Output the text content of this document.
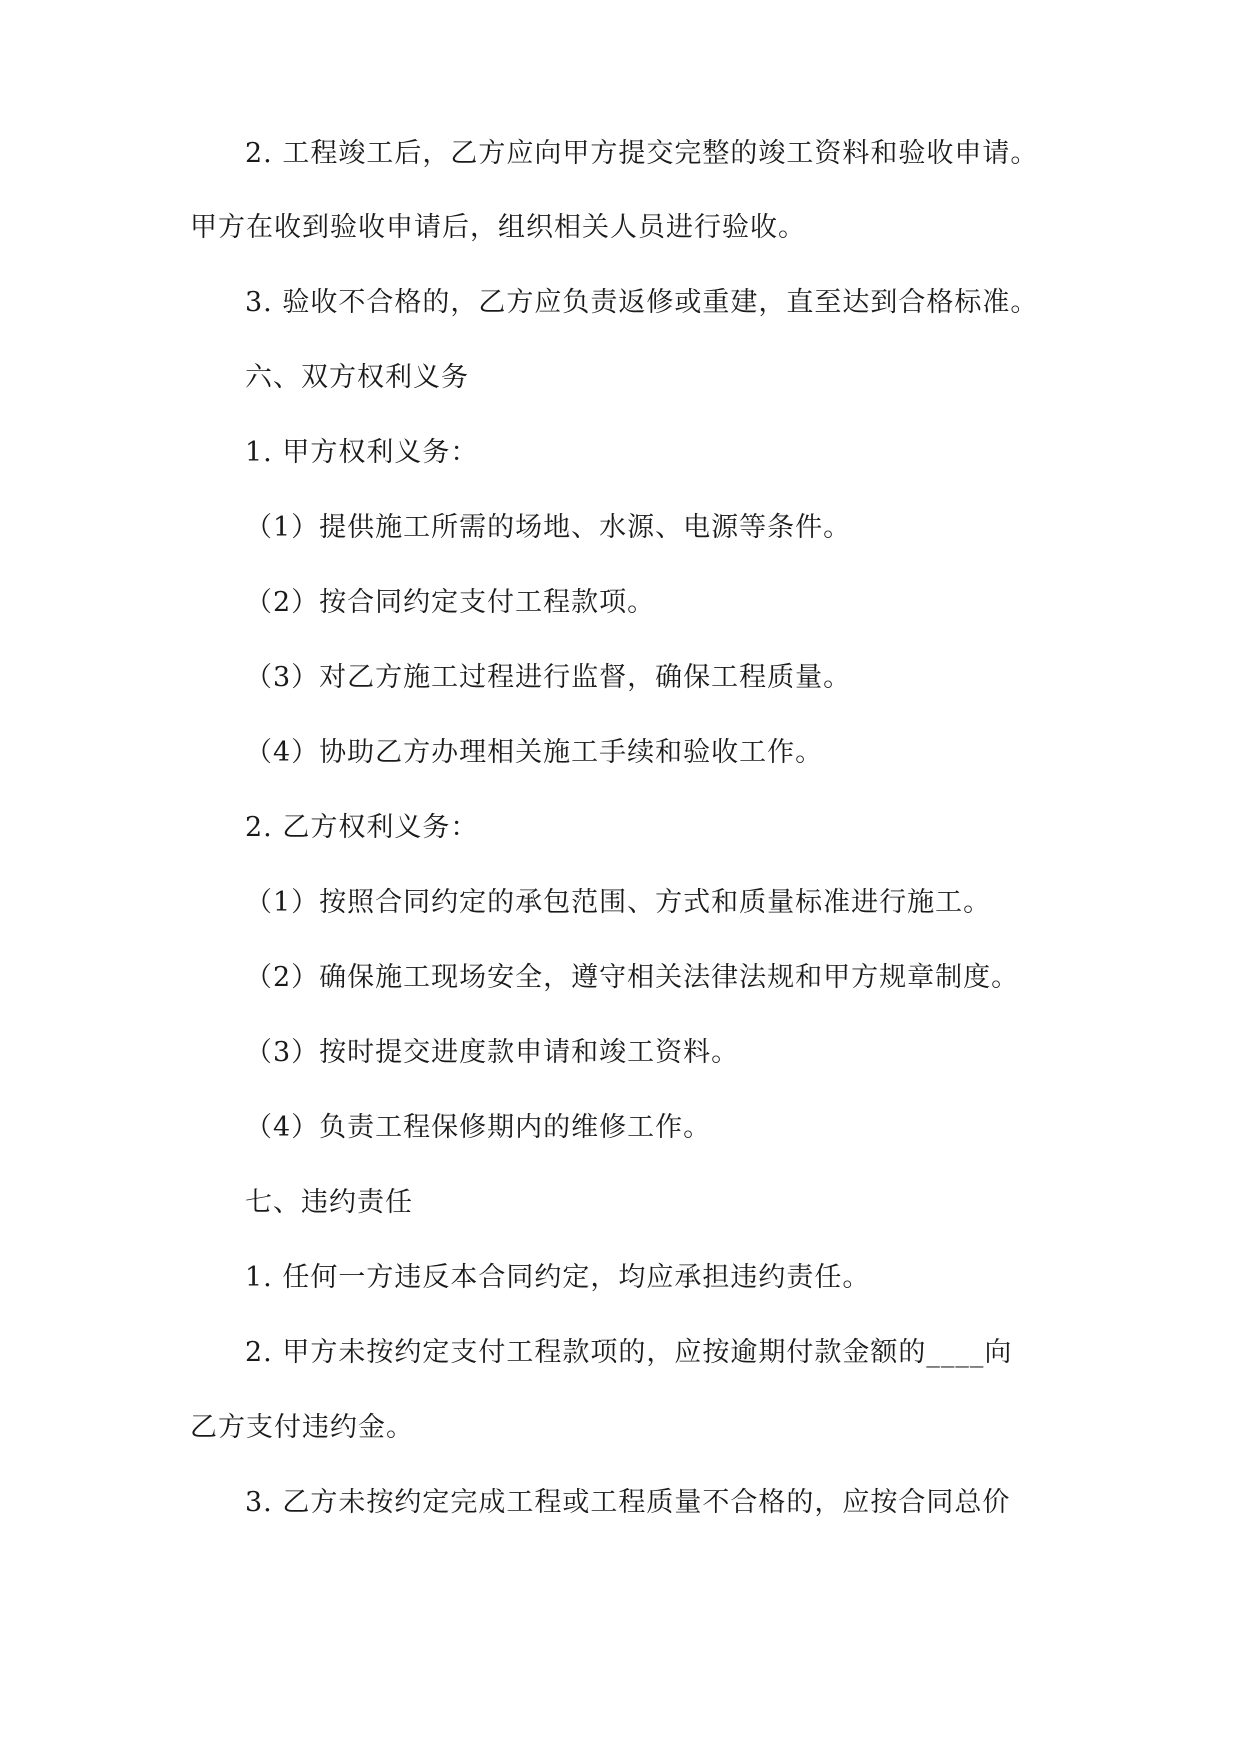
2. 工程竣工后，乙方应向甲方提交完整的竣工资料和验收申请。
甲方在收到验收申请后，组织相关人员进行验收。
3. 验收不合格的，乙方应负责返修或重建，直至达到合格标准。
六、双方权利义务
1. 甲方权利义务：
（1）提供施工所需的场地、水源、电源等条件。
（2）按合同约定支付工程款项。
（3）对乙方施工过程进行监督，确保工程质量。
（4）协助乙方办理相关施工手续和验收工作。
2. 乙方权利义务：
（1）按照合同约定的承包范围、方式和质量标准进行施工。
（2）确保施工现场安全，遵守相关法律法规和甲方规章制度。
（3）按时提交进度款申请和竣工资料。
（4）负责工程保修期内的维修工作。
七、违约责任
1. 任何一方违反本合同约定，均应承担违约责任。
2. 甲方未按约定支付工程款项的，应按逾期付款金额的____向
乙方支付违约金。
3. 乙方未按约定完成工程或工程质量不合格的，应按合同总价
